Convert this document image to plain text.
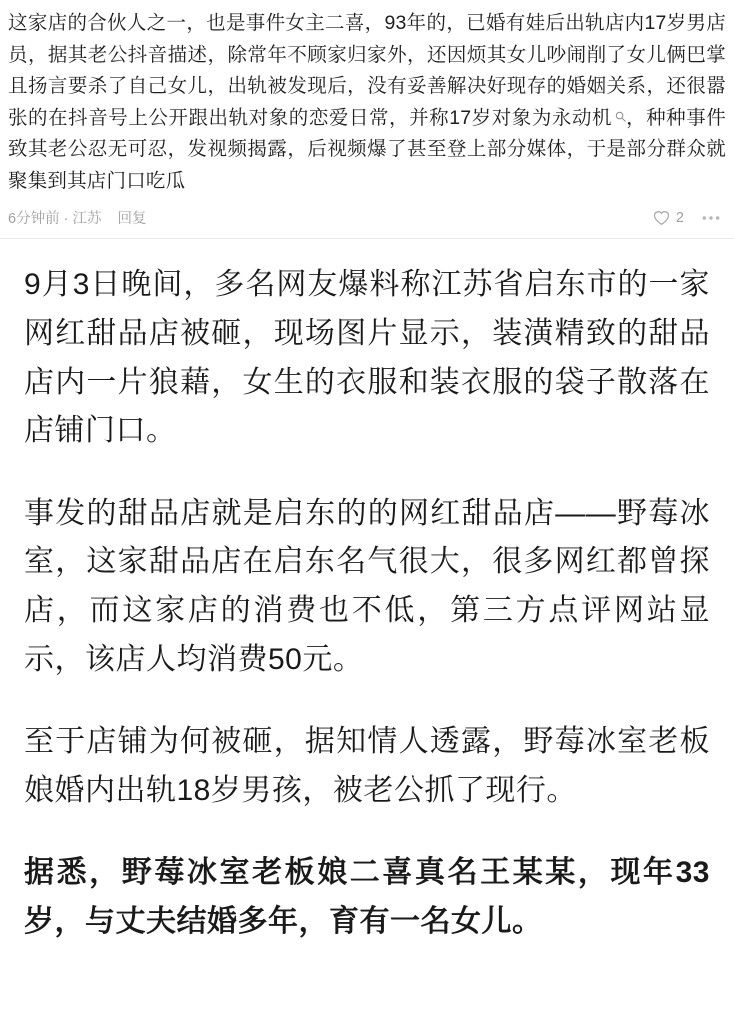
这家店的合伙人之一，也是事件女主二喜，93年的，已婚有娃后出轨店内17岁男店员，据其老公抖音描述，除常年不顾家归家外，还因烦其女儿吵闹削了女儿俩巴掌且扬言要杀了自己女儿，出轨被发现后，没有妥善解决好现存的婚姻关系，还很嚣张的在抖音号上公开跟出轨对象的恋爱日常，并称17岁对象为永动机 ，种种事件致其老公忍无可忍，发视频揭露，后视频爆了甚至登上部分媒体，于是部分群众就聚集到其店门口吃瓜
6分钟前 · 江苏 回复	2

9月3日晚间，多名网友爆料称江苏省启东市的一家网红甜品店被砸，现场图片显示，装潢精致的甜品店内一片狼藉，女生的衣服和装衣服的袋子散落在店铺门口。

事发的甜品店就是启东的的网红甜品店——野莓冰室，这家甜品店在启东名气很大，很多网红都曾探店，而这家店的消费也不低，第三方点评网站显示，该店人均消费50元。

至于店铺为何被砸，据知情人透露，野莓冰室老板娘婚内出轨18岁男孩，被老公抓了现行。

据悉，野莓冰室老板娘二喜真名王某某，现年33岁，与丈夫结婚多年，育有一名女儿。
